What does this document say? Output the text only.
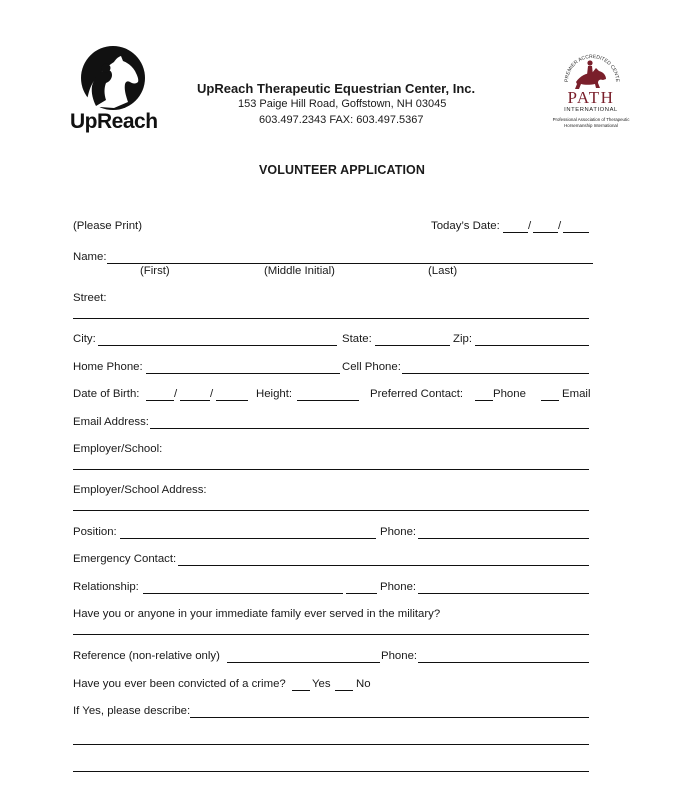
UpReach
UpReach Therapeutic Equestrian Center, Inc.
153 Paige Hill Road, Goffstown, NH 03045
603.497.2343 FAX: 603.497.5367
PREMIER ACCREDITED CENTE
PATH
INTERNATIONAL
Professional Association of Therapeutic
Horsemanship International
VOLUNTEER APPLICATION
(Please Print)	Today’s Date: / /
Name:
(First)	(Middle Initial)	(Last)
Street:
City:	State:	Zip:
Home Phone:	Cell Phone:
Date of Birth:	/	/	Height:	Preferred Contact:	Phone	Email
Email Address:
Employer/School:
Employer/School Address:
Position:	Phone:
Emergency Contact:
Relationship:	Phone:
Have you or anyone in your immediate family ever served in the military?
Reference (non-relative only)	Phone:
Have you ever been convicted of a crime? Yes No
If Yes, please describe:
